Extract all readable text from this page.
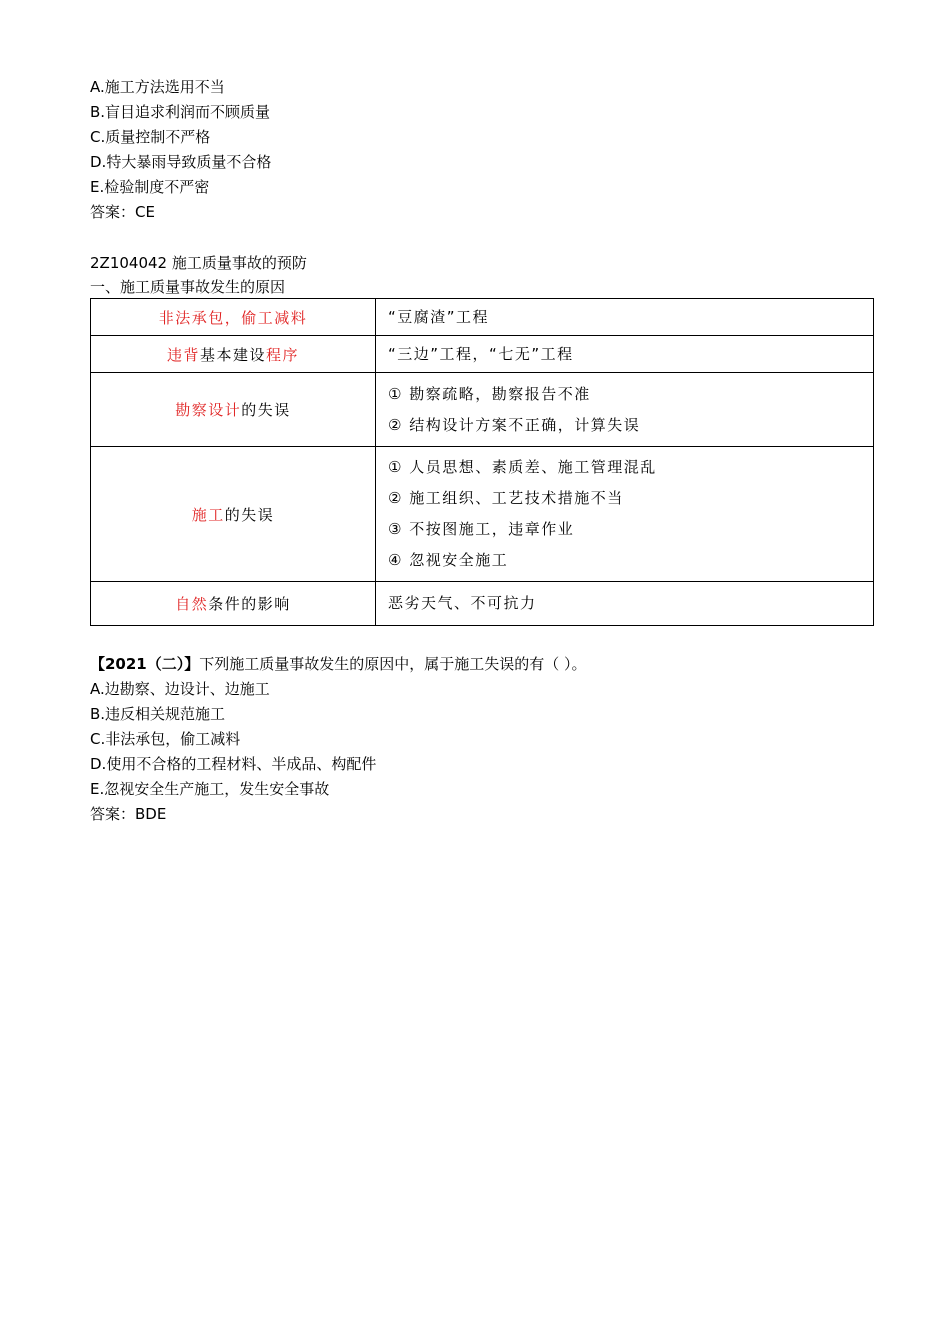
A.施工方法选用不当
B.盲目追求利润而不顾质量
C.质量控制不严格
D.特大暴雨导致质量不合格
E.检验制度不严密
答案：CE
2Z104042 施工质量事故的预防
一、施工质量事故发生的原因
非法承包，偷工减料	“豆腐渣”工程

违背基本建设程序	“三边”工程，“七无”工程

勘察设计的失误	① 勘察疏略，勘察报告不准
② 结构设计方案不正确，计算失误

施工的失误	① 人员思想、素质差、施工管理混乱
② 施工组织、工艺技术措施不当
③ 不按图施工，违章作业
④ 忽视安全施工

自然条件的影响	恶劣天气、不可抗力
【2021（二）】下列施工质量事故发生的原因中，属于施工失误的有（ ）。
A.边勘察、边设计、边施工
B.违反相关规范施工
C.非法承包，偷工减料
D.使用不合格的工程材料、半成品、构配件
E.忽视安全生产施工，发生安全事故
答案：BDE
